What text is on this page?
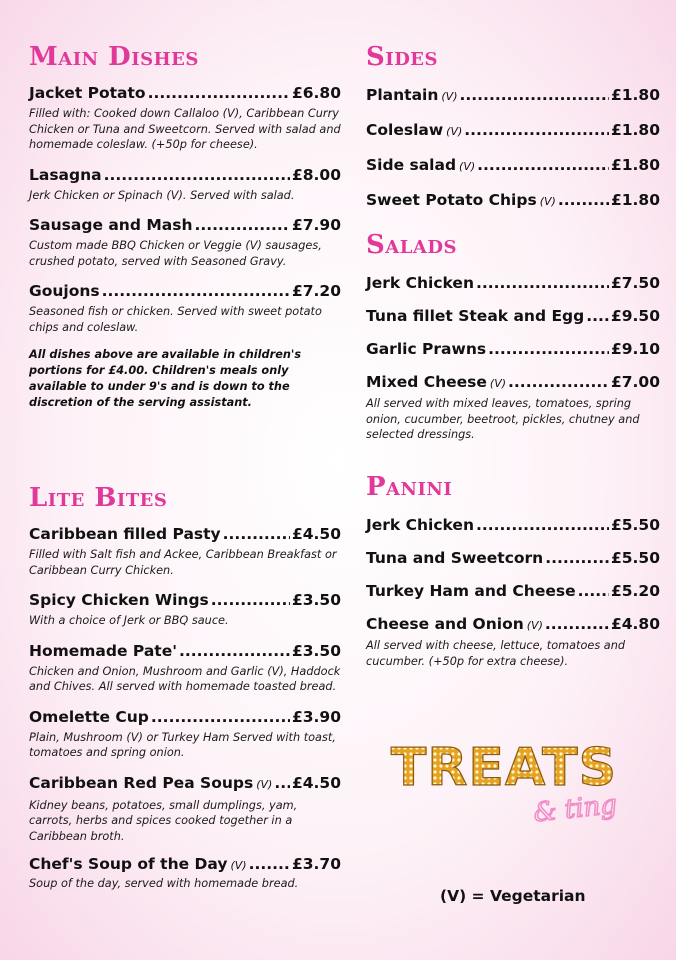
Main Dishes
Jacket Potato .....	£6.80
Filled with: Cooked down Callaloo (V), Caribbean Curry Chicken or Tuna and Sweetcorn. Served with salad and homemade coleslaw. (+50p for cheese).
Lasagna .....	£8.00
Jerk Chicken or Spinach (V). Served with salad.
Sausage and Mash .....	£7.90
Custom made BBQ Chicken or Veggie (V) sausages, crushed potato, served with Seasoned Gravy.
Goujons .....	£7.20
Seasoned fish or chicken. Served with sweet potato chips and coleslaw.
All dishes above are available in children's portions for £4.00. Children's meals only available to under 9's and is down to the discretion of the serving assistant.
Lite Bites
Caribbean filled Pasty .....	£4.50
Filled with Salt fish and Ackee, Caribbean Breakfast or Caribbean Curry Chicken.
Spicy Chicken Wings .....	£3.50
With a choice of Jerk or BBQ sauce.
Homemade Pate' .....	£3.50
Chicken and Onion, Mushroom and Garlic (V), Haddock and Chives. All served with homemade toasted bread.
Omelette Cup .....	£3.90
Plain, Mushroom (V) or Turkey Ham Served with toast, tomatoes and spring onion.
Caribbean Red Pea Soups (V) ..... £4.50
Kidney beans, potatoes, small dumplings, yam, carrots, herbs and spices cooked together in a Caribbean broth.
Chef's Soup of the Day (V) .....	£3.70
Soup of the day, served with homemade bread.
Sides
Plantain (V) .....	£1.80
Coleslaw (V) .....	£1.80
Side salad (V) .....	£1.80
Sweet Potato Chips (V) .....	£1.80
Salads
Jerk Chicken .....	£7.50
Tuna fillet Steak and Egg ..... £9.50
Garlic Prawns .....	£9.10
Mixed Cheese (V) .....	£7.00
All served with mixed leaves, tomatoes, spring onion, cucumber, beetroot, pickles, chutney and selected dressings.
Panini
Jerk Chicken .....	£5.50
Tuna and Sweetcorn .....	£5.50
Turkey Ham and Cheese ..... £5.20
Cheese and Onion (V) .....	£4.80
All served with cheese, lettuce, tomatoes and cucumber. (+50p for extra cheese).
TREATS
& ting
(V) = Vegetarian
